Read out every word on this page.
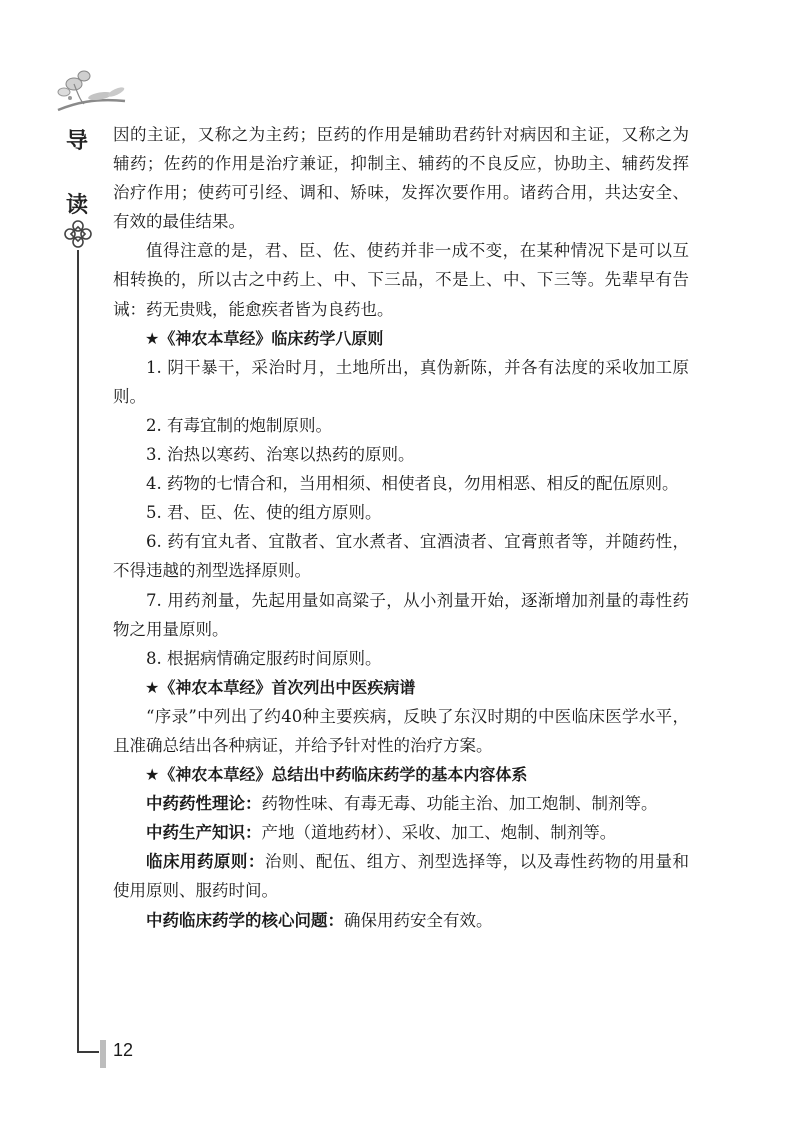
导
读
12

因的主证，又称之为主药；臣药的作用是辅助君药针对病因和主证，又称之为辅药；佐药的作用是治疗兼证，抑制主、辅药的不良反应，协助主、辅药发挥治疗作用；使药可引经、调和、矫味，发挥次要作用。诸药合用，共达安全、有效的最佳结果。

值得注意的是，君、臣、佐、使药并非一成不变，在某种情况下是可以互相转换的，所以古之中药上、中、下三品，不是上、中、下三等。先辈早有告诫：药无贵贱，能愈疾者皆为良药也。

★《神农本草经》临床药学八原则

1. 阴干暴干，采治时月，土地所出，真伪新陈，并各有法度的采收加工原则。

2. 有毒宜制的炮制原则。

3. 治热以寒药、治寒以热药的原则。

4. 药物的七情合和，当用相须、相使者良，勿用相恶、相反的配伍原则。

5. 君、臣、佐、使的组方原则。

6. 药有宜丸者、宜散者、宜水煮者、宜酒渍者、宜膏煎者等，并随药性，不得违越的剂型选择原则。

7. 用药剂量，先起用量如高粱子，从小剂量开始，逐渐增加剂量的毒性药物之用量原则。

8. 根据病情确定服药时间原则。

★《神农本草经》首次列出中医疾病谱

“序录”中列出了约40种主要疾病，反映了东汉时期的中医临床医学水平，且准确总结出各种病证，并给予针对性的治疗方案。

★《神农本草经》总结出中药临床药学的基本内容体系

中药药性理论：药物性味、有毒无毒、功能主治、加工炮制、制剂等。

中药生产知识：产地（道地药材）、采收、加工、炮制、制剂等。

临床用药原则：治则、配伍、组方、剂型选择等，以及毒性药物的用量和使用原则、服药时间。

中药临床药学的核心问题：确保用药安全有效。
